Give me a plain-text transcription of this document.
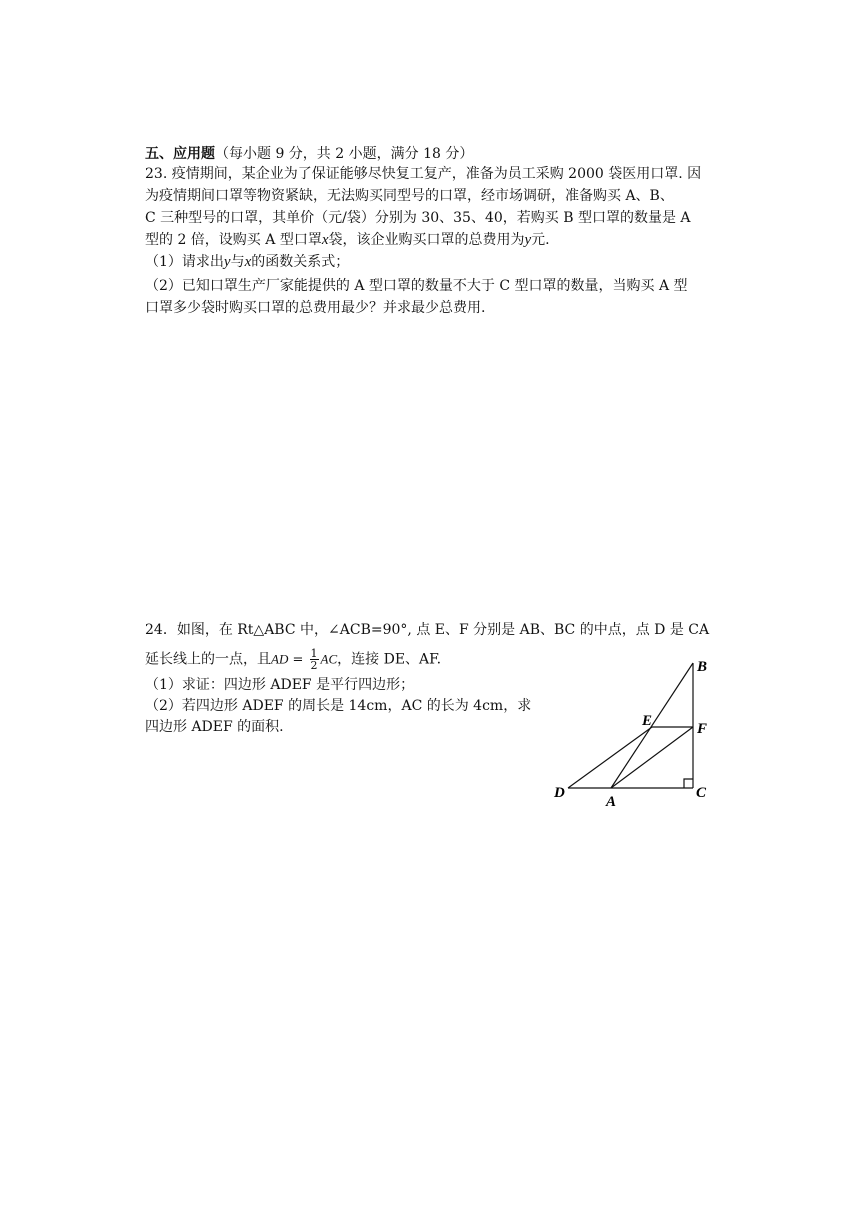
五、应用题（每小题 9 分，共 2 小题，满分 18 分）
23. 疫情期间，某企业为了保证能够尽快复工复产，准备为员工采购 2000 袋医用口罩. 因
为疫情期间口罩等物资紧缺，无法购买同型号的口罩，经市场调研，准备购买 A、B、
C 三种型号的口罩，其单价（元/袋）分别为 30、35、40，若购买 B 型口罩的数量是 A
型的 2 倍，设购买 A 型口罩x袋，该企业购买口罩的总费用为y元.
（1）请求出y与x的函数关系式；
（2）已知口罩生产厂家能提供的 A 型口罩的数量不大于 C 型口罩的数量，当购买 A 型
口罩多少袋时购买口罩的总费用最少？并求最少总费用.
24．如图，在 Rt△ABC 中，∠ACB=90°, 点 E、F 分别是 AB、BC 的中点，点 D 是 CA
延长线上的一点，且AD = $\frac{1}{2}$ AC，连接 DE、AF.
（1）求证：四边形 ADEF 是平行四边形；
（2）若四边形 ADEF 的周长是 14cm，AC 的长为 4cm，求
四边形 ADEF 的面积.
B
E	F
D
A
C
